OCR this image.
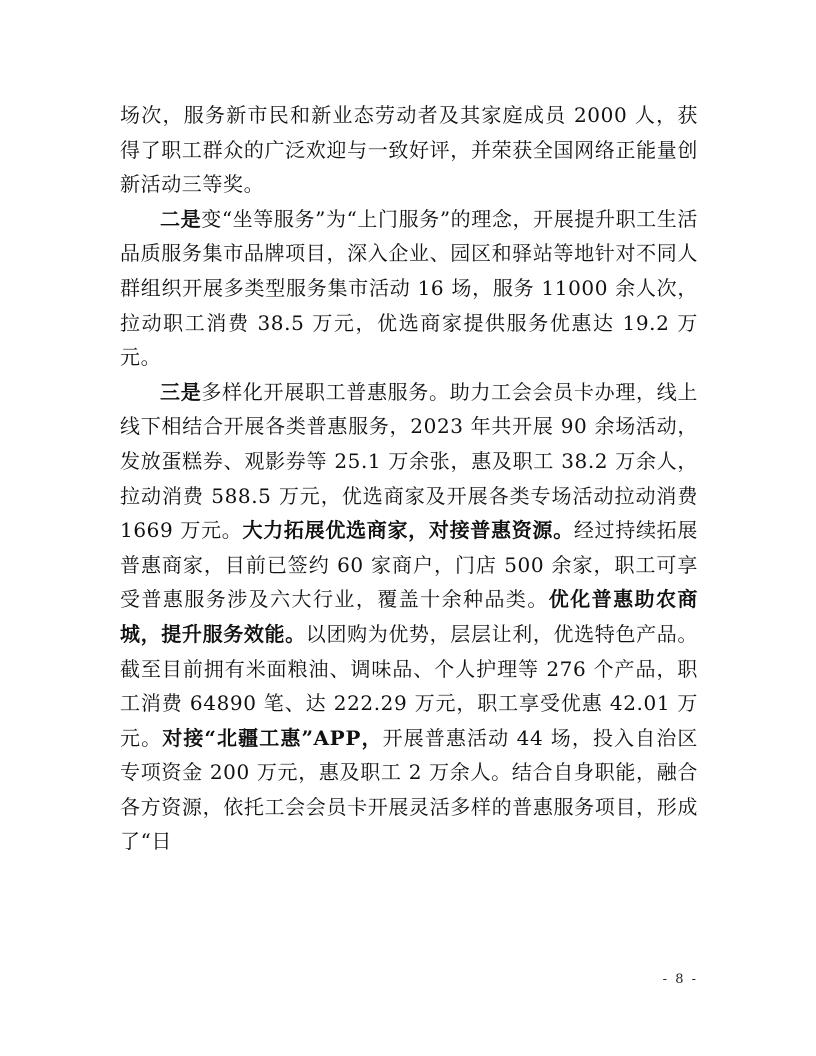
场次，服务新市民和新业态劳动者及其家庭成员 2000 人，获得了职工群众的广泛欢迎与一致好评，并荣获全国网络正能量创新活动三等奖。

二是变“坐等服务”为“上门服务”的理念，开展提升职工生活品质服务集市品牌项目，深入企业、园区和驿站等地针对不同人群组织开展多类型服务集市活动 16 场，服务 11000 余人次，拉动职工消费 38.5 万元，优选商家提供服务优惠达 19.2 万元。

三是多样化开展职工普惠服务。助力工会会员卡办理，线上线下相结合开展各类普惠服务，2023 年共开展 90 余场活动，发放蛋糕券、观影券等 25.1 万余张，惠及职工 38.2 万余人，拉动消费 588.5 万元，优选商家及开展各类专场活动拉动消费 1669 万元。大力拓展优选商家，对接普惠资源。经过持续拓展普惠商家，目前已签约 60 家商户，门店 500 余家，职工可享受普惠服务涉及六大行业，覆盖十余种品类。优化普惠助农商城，提升服务效能。以团购为优势，层层让利，优选特色产品。截至目前拥有米面粮油、调味品、个人护理等 276 个产品，职工消费 64890 笔、达 222.29 万元，职工享受优惠 42.01 万元。对接“北疆工惠”APP，开展普惠活动 44 场，投入自治区专项资金 200 万元，惠及职工 2 万余人。结合自身职能，融合各方资源，依托工会会员卡开展灵活多样的普惠服务项目，形成了“日

- 8 -
